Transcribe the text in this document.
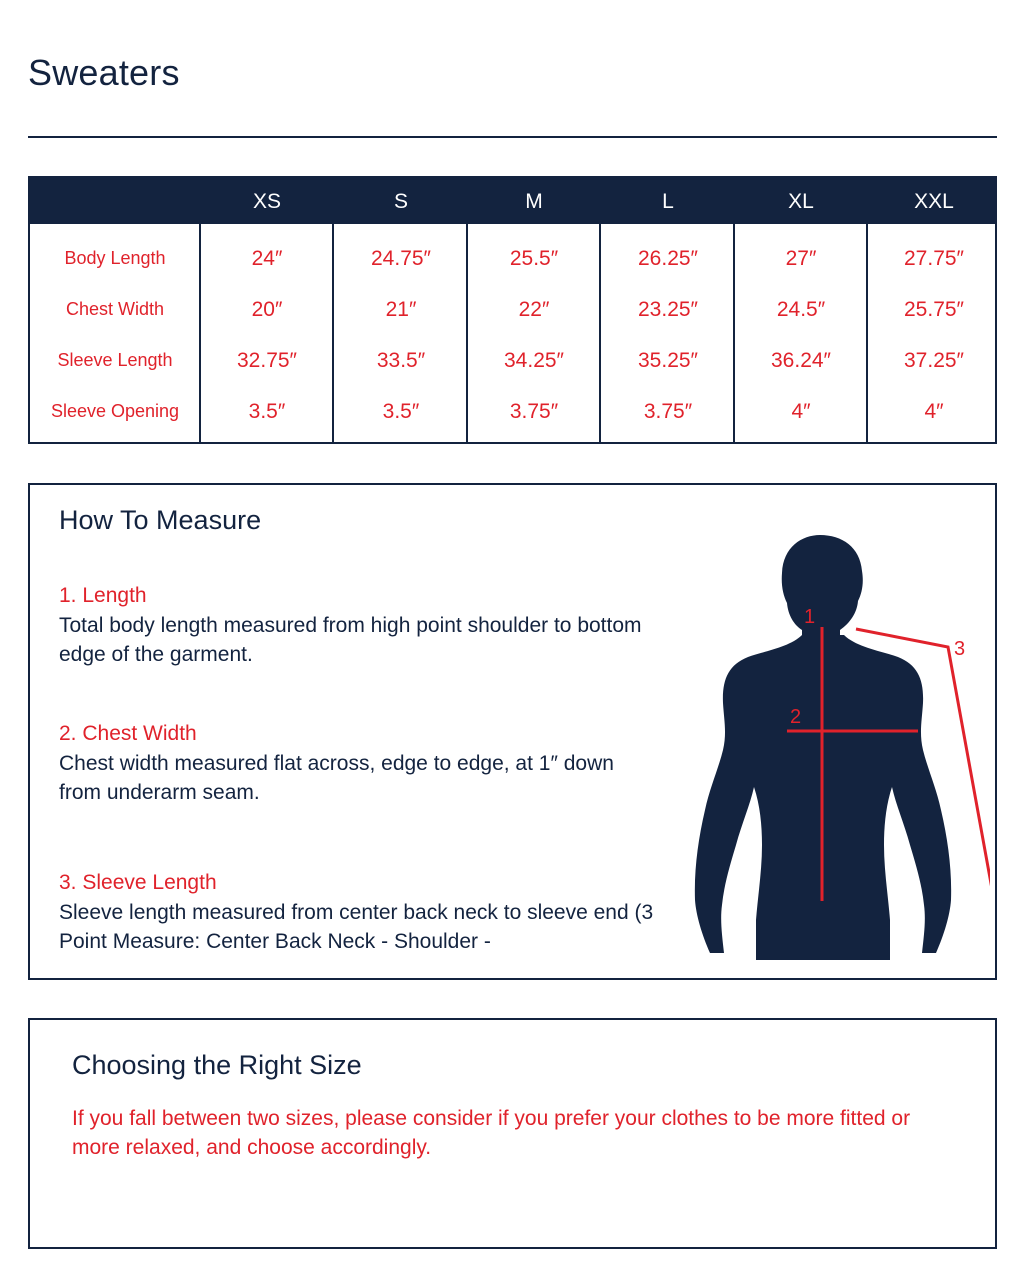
Sweaters
XS	S	M	L	XL	XXL
Body Length	24″	24.75″	25.5″	26.25″	27″	27.75″
Chest Width	20″	21″	22″	23.25″	24.5″	25.75″
Sleeve Length	32.75″	33.5″	34.25″	35.25″	36.24″	37.25″
Sleeve Opening	3.5″	3.5″	3.75″	3.75″	4″	4″
How To Measure

1. Length

Total body length measured from high point shoulder to bottom edge of the garment.

2. Chest Width

Chest width measured flat across, edge to edge, at 1″ down from underarm seam.

3. Sleeve Length

Sleeve length measured from center back neck to sleeve end (3 Point Measure: Center Back Neck - Shoulder -

1
2
3
Choosing the Right Size

If you fall between two sizes, please consider if you prefer your clothes to be more fitted or more relaxed, and choose accordingly.
